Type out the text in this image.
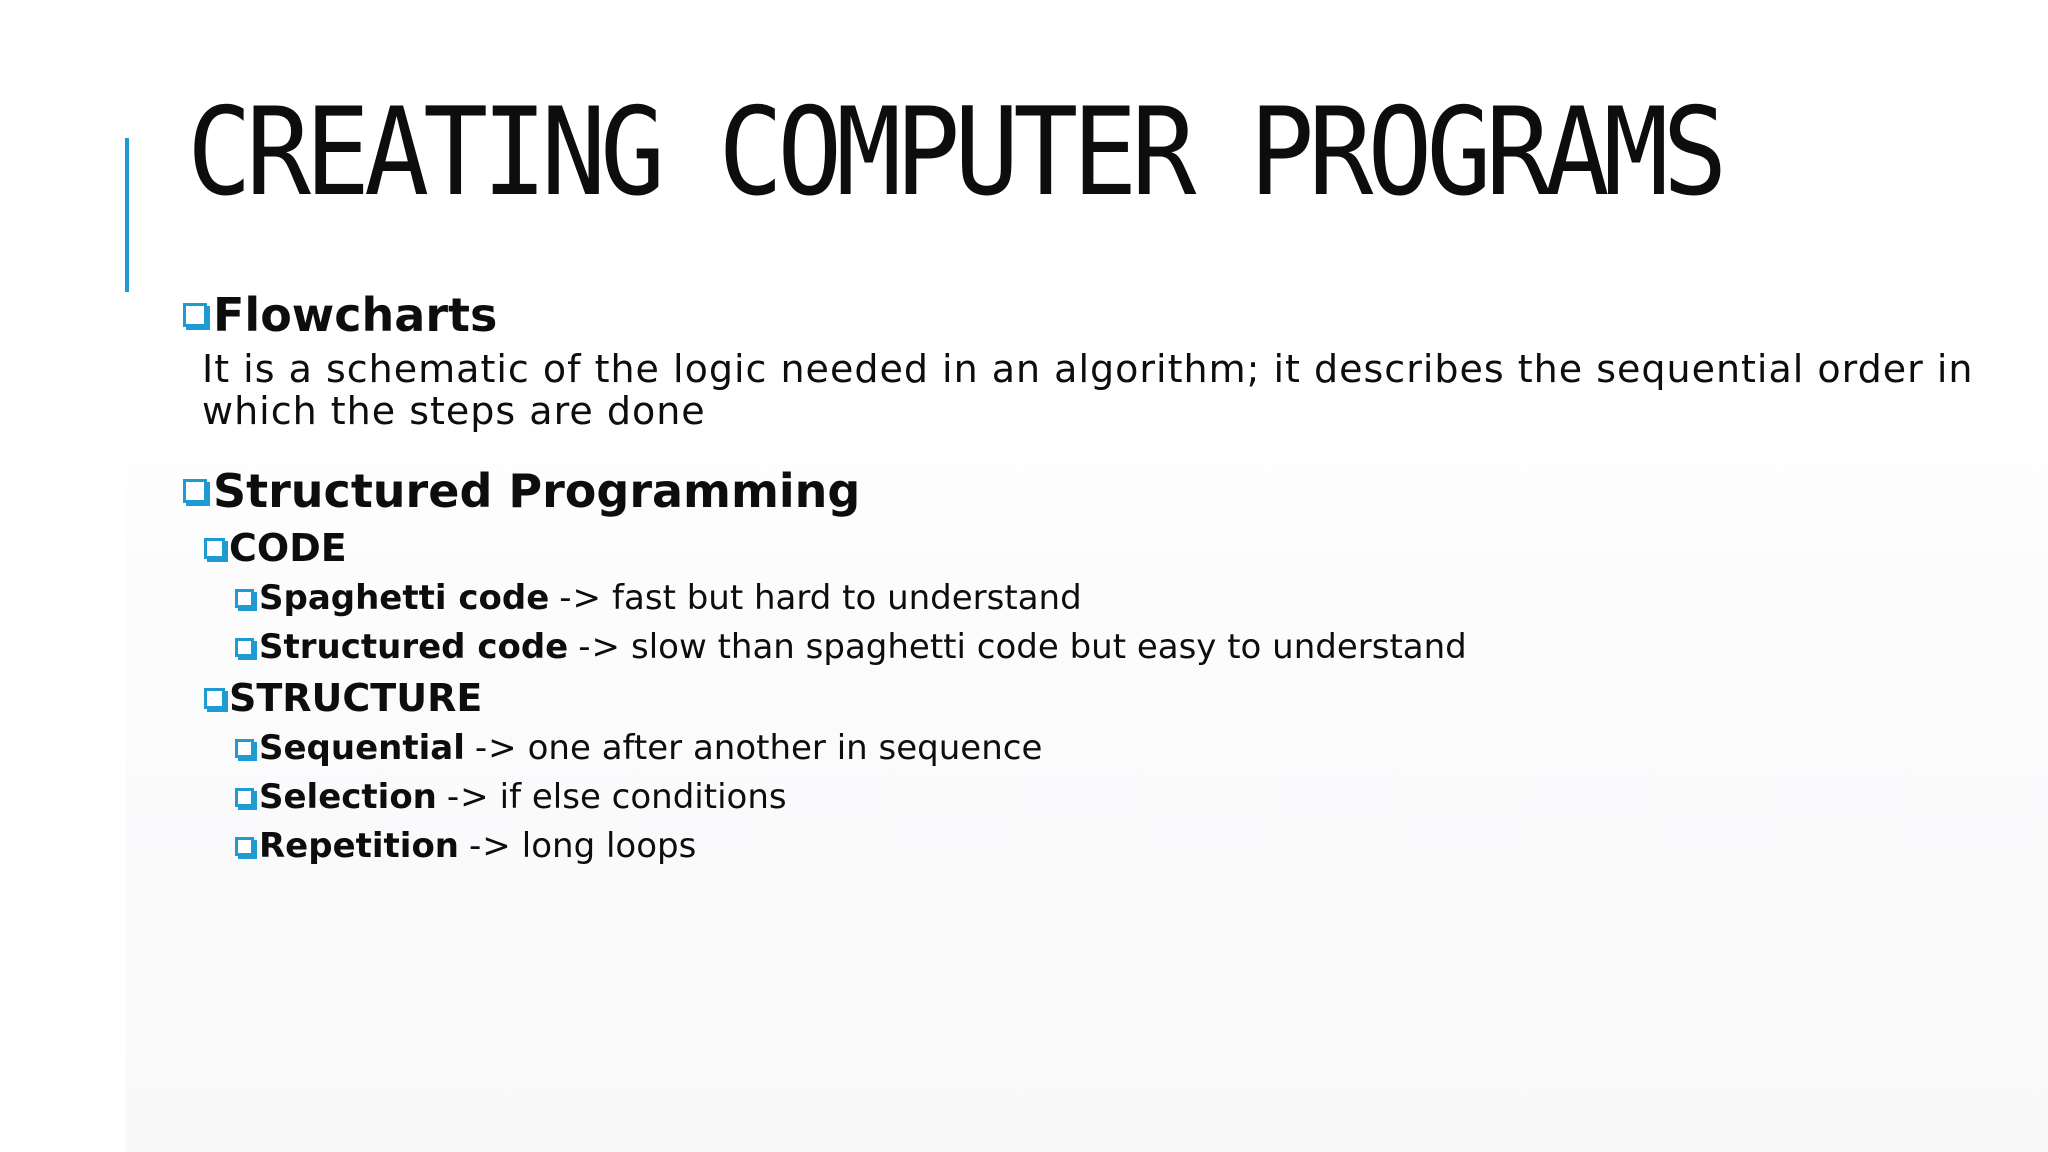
CREATING COMPUTER PROGRAMS
Flowcharts
It is a schematic of the logic needed in an algorithm; it describes the sequential order in which the steps are done
Structured Programming
CODE
Spaghetti code -> fast but hard to understand
Structured code -> slow than spaghetti code but easy to understand
STRUCTURE
Sequential -> one after another in sequence
Selection -> if else conditions
Repetition -> long loops
